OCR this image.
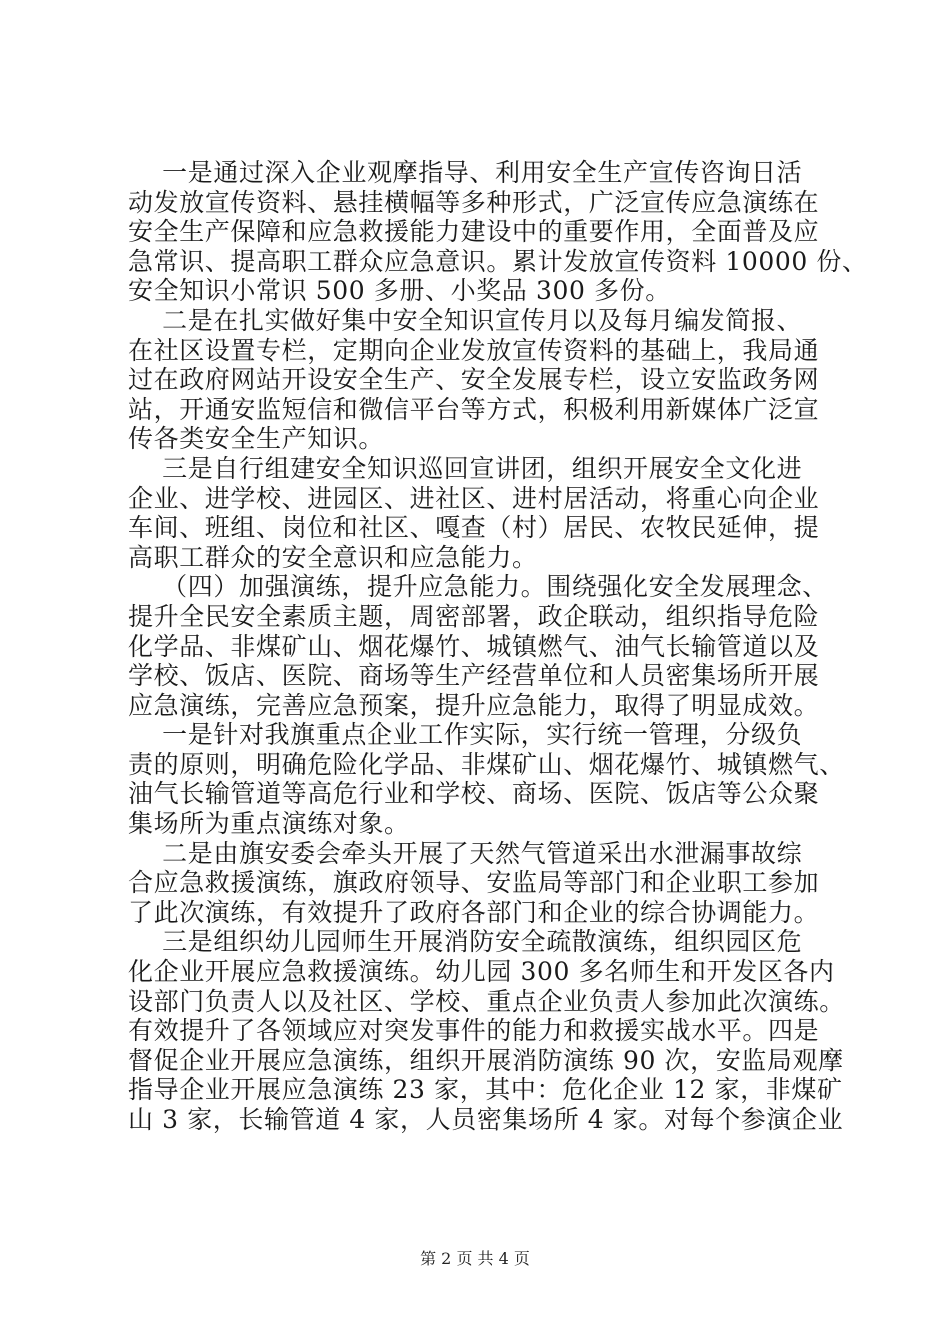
一是通过深入企业观摩指导、利用安全生产宣传咨询日活
动发放宣传资料、悬挂横幅等多种形式，广泛宣传应急演练在
安全生产保障和应急救援能力建设中的重要作用，全面普及应
急常识、提高职工群众应急意识。累计发放宣传资料 10000 份、
安全知识小常识 500 多册、小奖品 300 多份。
二是在扎实做好集中安全知识宣传月以及每月编发简报、
在社区设置专栏，定期向企业发放宣传资料的基础上，我局通
过在政府网站开设安全生产、安全发展专栏，设立安监政务网
站，开通安监短信和微信平台等方式，积极利用新媒体广泛宣
传各类安全生产知识。
三是自行组建安全知识巡回宣讲团，组织开展安全文化进
企业、进学校、进园区、进社区、进村居活动，将重心向企业
车间、班组、岗位和社区、嘎查（村）居民、农牧民延伸，提
高职工群众的安全意识和应急能力。
（四）加强演练，提升应急能力。围绕强化安全发展理念、
提升全民安全素质主题，周密部署，政企联动，组织指导危险
化学品、非煤矿山、烟花爆竹、城镇燃气、油气长输管道以及
学校、饭店、医院、商场等生产经营单位和人员密集场所开展
应急演练，完善应急预案，提升应急能力，取得了明显成效。
一是针对我旗重点企业工作实际，实行统一管理，分级负
责的原则，明确危险化学品、非煤矿山、烟花爆竹、城镇燃气、
油气长输管道等高危行业和学校、商场、医院、饭店等公众聚
集场所为重点演练对象。
二是由旗安委会牵头开展了天然气管道采出水泄漏事故综
合应急救援演练，旗政府领导、安监局等部门和企业职工参加
了此次演练，有效提升了政府各部门和企业的综合协调能力。
三是组织幼儿园师生开展消防安全疏散演练，组织园区危
化企业开展应急救援演练。幼儿园 300 多名师生和开发区各内
设部门负责人以及社区、学校、重点企业负责人参加此次演练。
有效提升了各领域应对突发事件的能力和救援实战水平。四是
督促企业开展应急演练，组织开展消防演练 90 次，安监局观摩
指导企业开展应急演练 23 家，其中：危化企业 12 家，非煤矿
山 3 家，长输管道 4 家，人员密集场所 4 家。对每个参演企业
第 2 页 共 4 页
